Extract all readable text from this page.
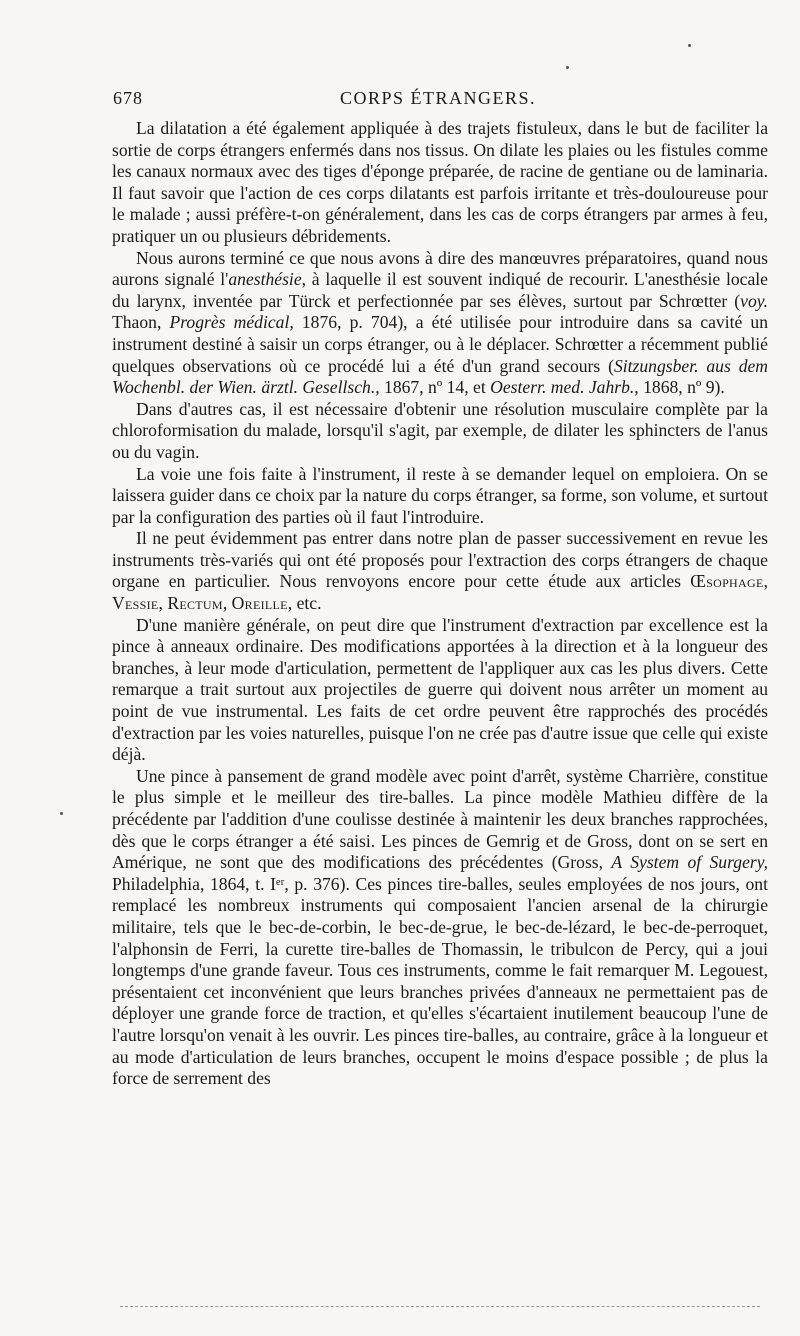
678	CORPS ÉTRANGERS.

La dilatation a été également appliquée à des trajets fistuleux, dans le but de faciliter la sortie de corps étrangers enfermés dans nos tissus. On dilate les plaies ou les fistules comme les canaux normaux avec des tiges d'éponge préparée, de racine de gentiane ou de laminaria. Il faut savoir que l'action de ces corps dilatants est parfois irritante et très-douloureuse pour le malade ; aussi préfère-t-on généralement, dans les cas de corps étrangers par armes à feu, pratiquer un ou plusieurs débridements.

Nous aurons terminé ce que nous avons à dire des manœuvres préparatoires, quand nous aurons signalé l'anesthésie, à laquelle il est souvent indiqué de recourir. L'anesthésie locale du larynx, inventée par Türck et perfectionnée par ses élèves, surtout par Schrœtter (voy. Thaon, Progrès médical, 1876, p. 704), a été utilisée pour introduire dans sa cavité un instrument destiné à saisir un corps étranger, ou à le déplacer. Schrœtter a récemment publié quelques observations où ce procédé lui a été d'un grand secours (Sitzungsber. aus dem Wochenbl. der Wien. ärztl. Gesellsch., 1867, nº 14, et Oesterr. med. Jahrb., 1868, nº 9).

Dans d'autres cas, il est nécessaire d'obtenir une résolution musculaire complète par la chloroformisation du malade, lorsqu'il s'agit, par exemple, de dilater les sphincters de l'anus ou du vagin.

La voie une fois faite à l'instrument, il reste à se demander lequel on emploiera. On se laissera guider dans ce choix par la nature du corps étranger, sa forme, son volume, et surtout par la configuration des parties où il faut l'introduire.

Il ne peut évidemment pas entrer dans notre plan de passer successivement en revue les instruments très-variés qui ont été proposés pour l'extraction des corps étrangers de chaque organe en particulier. Nous renvoyons encore pour cette étude aux articles Œsophage, Vessie, Rectum, Oreille, etc.

D'une manière générale, on peut dire que l'instrument d'extraction par excellence est la pince à anneaux ordinaire. Des modifications apportées à la direction et à la longueur des branches, à leur mode d'articulation, permettent de l'appliquer aux cas les plus divers. Cette remarque a trait surtout aux projectiles de guerre qui doivent nous arrêter un moment au point de vue instrumental. Les faits de cet ordre peuvent être rapprochés des procédés d'extraction par les voies naturelles, puisque l'on ne crée pas d'autre issue que celle qui existe déjà.

Une pince à pansement de grand modèle avec point d'arrêt, système Charrière, constitue le plus simple et le meilleur des tire-balles. La pince modèle Mathieu diffère de la précédente par l'addition d'une coulisse destinée à maintenir les deux branches rapprochées, dès que le corps étranger a été saisi. Les pinces de Gemrig et de Gross, dont on se sert en Amérique, ne sont que des modifications des précédentes (Gross, A System of Surgery, Philadelphia, 1864, t. Iᵉʳ, p. 376). Ces pinces tire-balles, seules employées de nos jours, ont remplacé les nombreux instruments qui composaient l'ancien arsenal de la chirurgie militaire, tels que le bec-de-corbin, le bec-de-grue, le bec-de-lézard, le bec-de-perroquet, l'alphonsin de Ferri, la curette tire-balles de Thomassin, le tribulcon de Percy, qui a joui longtemps d'une grande faveur. Tous ces instruments, comme le fait remarquer M. Legouest, présentaient cet inconvénient que leurs branches privées d'anneaux ne permettaient pas de déployer une grande force de traction, et qu'elles s'écartaient inutilement beaucoup l'une de l'autre lorsqu'on venait à les ouvrir. Les pinces tire-balles, au contraire, grâce à la longueur et au mode d'articulation de leurs branches, occupent le moins d'espace possible ; de plus la force de serrement des
